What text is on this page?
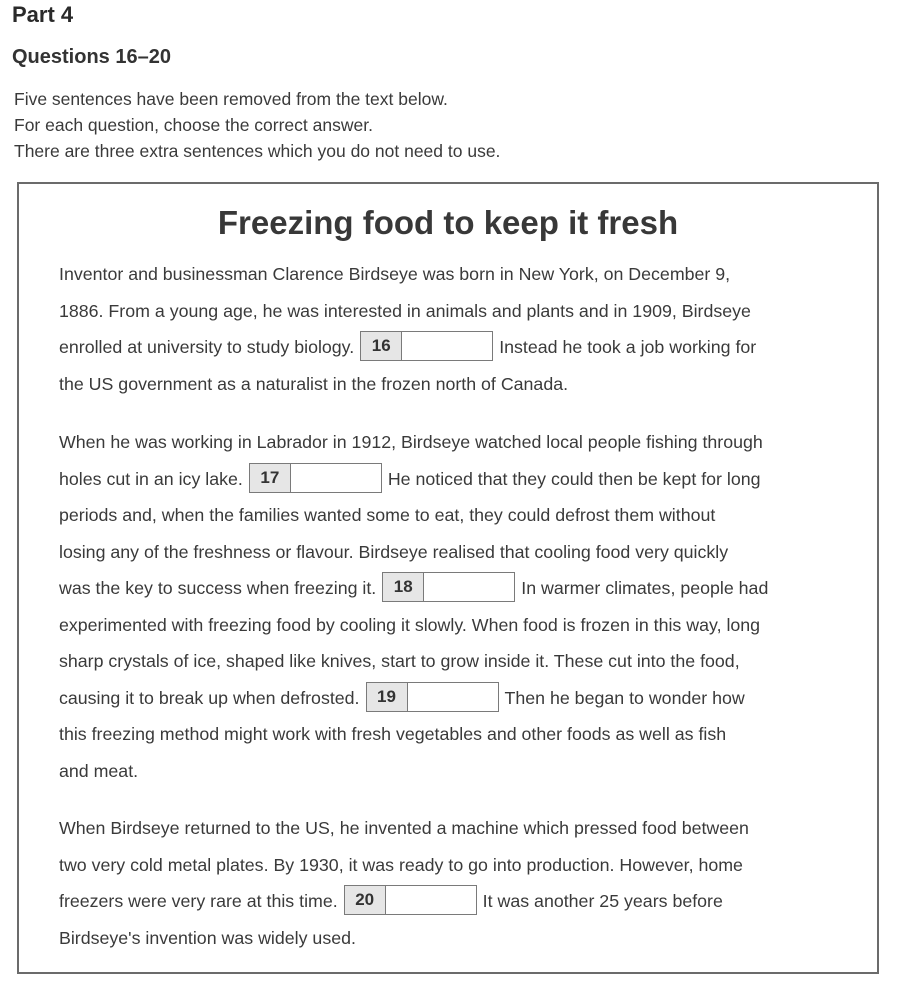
Part 4
Questions 16–20
Five sentences have been removed from the text below.
For each question, choose the correct answer.
There are three extra sentences which you do not need to use.
Freezing food to keep it fresh
Inventor and businessman Clarence Birdseye was born in New York, on December 9,
1886. From a young age, he was interested in animals and plants and in 1909, Birdseye
enrolled at university to study biology.	16	Instead he took a job working for
the US government as a naturalist in the frozen north of Canada.
When he was working in Labrador in 1912, Birdseye watched local people fishing through
holes cut in an icy lake.	17	He noticed that they could then be kept for long
periods and, when the families wanted some to eat, they could defrost them without
losing any of the freshness or flavour. Birdseye realised that cooling food very quickly
was the key to success when freezing it.	18	In warmer climates, people had
experimented with freezing food by cooling it slowly. When food is frozen in this way, long
sharp crystals of ice, shaped like knives, start to grow inside it. These cut into the food,
causing it to break up when defrosted.	19	Then he began to wonder how
this freezing method might work with fresh vegetables and other foods as well as fish
and meat.
When Birdseye returned to the US, he invented a machine which pressed food between
two very cold metal plates. By 1930, it was ready to go into production. However, home
freezers were very rare at this time.	20	It was another 25 years before
Birdseye's invention was widely used.
